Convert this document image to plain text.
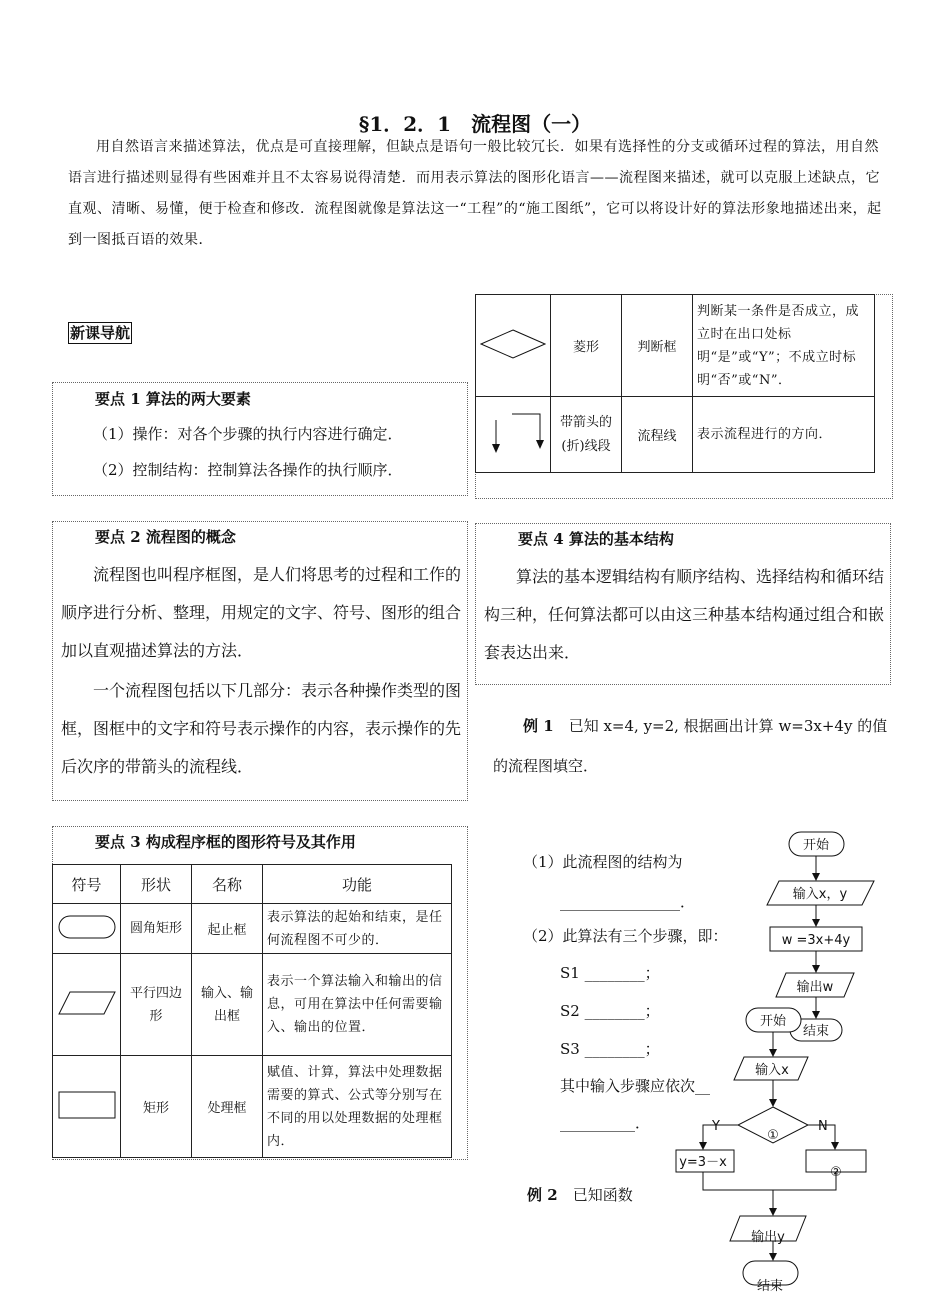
§1．2．1　流程图（一）
用自然语言来描述算法，优点是可直接理解，但缺点是语句一般比较冗长．如果有选择性的分支或循环过程的算法，用自然语言进行描述则显得有些困难并且不太容易说得清楚．而用表示算法的图形化语言——流程图来描述，就可以克服上述缺点，它直观、清晰、易懂，便于检查和修改．流程图就像是算法这一“工程”的“施工图纸”，它可以将设计好的算法形象地描述出来，起到一图抵百语的效果．
新课导航
要点 1 算法的两大要素
（1）操作：对各个步骤的执行内容进行确定．
（2）控制结构：控制算法各操作的执行顺序．
要点 2 流程图的概念
流程图也叫程序框图，是人们将思考的过程和工作的顺序进行分析、整理，用规定的文字、符号、图形的组合加以直观描述算法的方法．
一个流程图包括以下几部分：表示各种操作类型的图框，图框中的文字和符号表示操作的内容，表示操作的先后次序的带箭头的流程线．
要点 3 构成程序框的图形符号及其作用
符号	形状	名称	功能
	圆角矩形	起止框	表示算法的起始和结束，是任何流程图不可少的．
	平行四边形	输入、输出框	表示一个算法输入和输出的信息，可用在算法中任何需要输入、输出的位置．
	矩形	处理框	赋值、计算，算法中处理数据需要的算式、公式等分别写在不同的用以处理数据的处理框内．
	菱形	判断框	判断某一条件是否成立，成立时在出口处标明“是”或“Y”；不成立时标明“否”或“N”．
	带箭头的(折)线段	流程线	表示流程进行的方向．
要点 4 算法的基本结构
算法的基本逻辑结构有顺序结构、选择结构和循环结构三种，任何算法都可以由这三种基本结构通过组合和嵌套表达出来．
例 1　 已知 x=4, y=2, 根据画出计算 w=3x+4y 的值的流程图填空．
（1）此流程图的结构为
________________．
（2）此算法有三个步骤，即：
S1 ________；
S2 ________；
S3 ________；
其中输入步骤应依次__
__________．
例 2　 已知函数
开始
输入x，y
w =3x+4y
输出w
结束
开始
输入x
①
Y	N
y=3－x
②
输出y
结束
